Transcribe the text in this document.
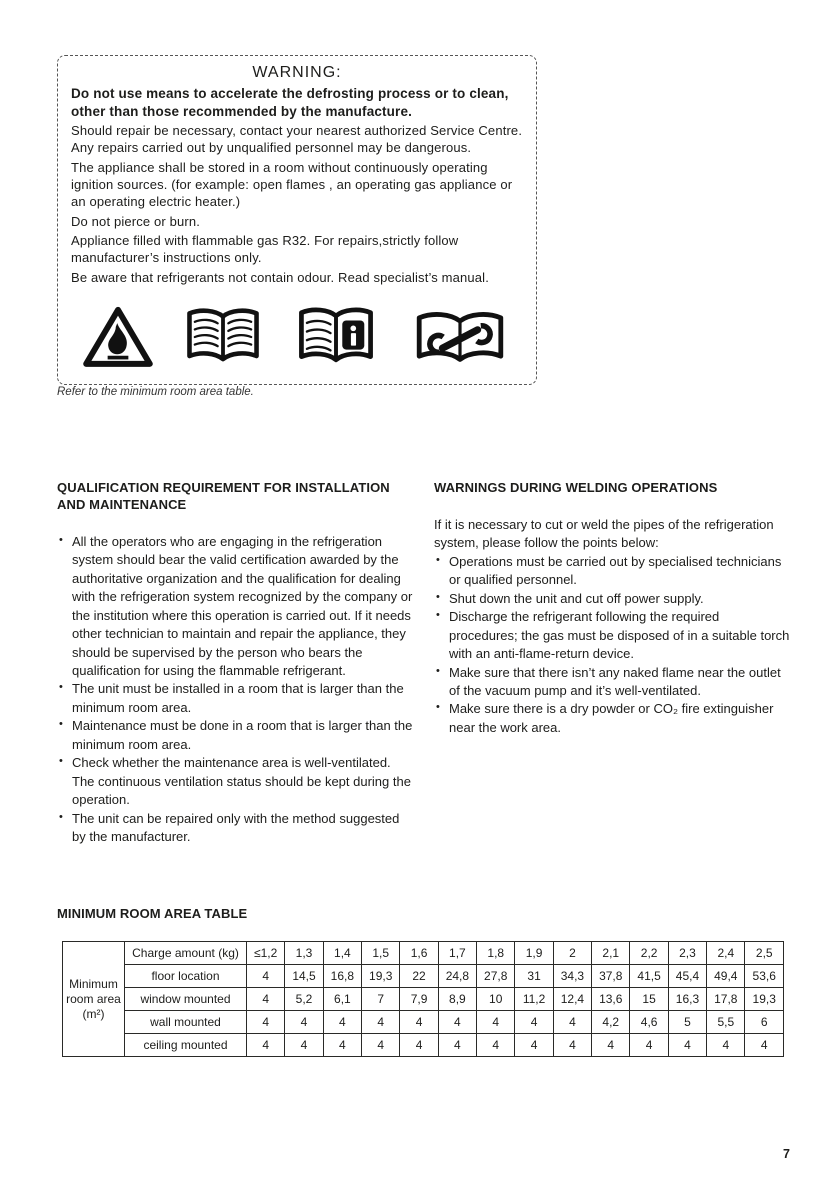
WARNING:

Do not use means to accelerate the defrosting process or to clean, other than those recommended by the manufacture.

Should repair be necessary, contact your nearest authorized Service Centre. Any repairs carried out by unqualified personnel may be dangerous.

The appliance shall be stored in a room without continuously operating ignition sources. (for example: open flames , an operating gas appliance or an operating electric heater.)

Do not pierce or burn.

Appliance filled with flammable gas R32. For repairs,strictly follow manufacturer’s instructions only.

Be aware that refrigerants not contain odour. Read specialist’s manual.

Refer to the minimum room area table.
QUALIFICATION REQUIREMENT FOR INSTALLATION AND MAINTENANCE
• All the operators who are engaging in the refrigeration system should bear the valid certification awarded by the authoritative organization and the qualification for dealing with the refrigeration system recognized by the company or the institution where this operation is carried out. If it needs other technician to maintain and repair the appliance, they should be supervised by the person who bears the qualification for using the flammable refrigerant.
• The unit must be installed in a room that is larger than the minimum room area.
• Maintenance must be done in a room that is larger than the minimum room area.
• Check whether the maintenance area is well-ventilated. The continuous ventilation status should be kept during the operation.
• The unit can be repaired only with the method suggested by the manufacturer.
WARNINGS DURING WELDING OPERATIONS

If it is necessary to cut or weld the pipes of the refrigeration system, please follow the points below:

• Operations must be carried out by specialised technicians or qualified personnel.
• Shut down the unit and cut off power supply.
• Discharge the refrigerant following the required procedures; the gas must be disposed of in a suitable torch with an anti-flame-return device.
• Make sure that there isn’t any naked flame near the outlet of the vacuum pump and it’s well-ventilated.
• Make sure there is a dry powder or CO₂ fire extinguisher near the work area.
MINIMUM ROOM AREA TABLE
Minimum room area (m²)	Charge amount (kg)	≤1,2	1,3	1,4	1,5	1,6	1,7	1,8	1,9	2	2,1	2,2	2,3	2,4	2,5
	floor location	4	14,5	16,8	19,3	22	24,8	27,8	31	34,3	37,8	41,5	45,4	49,4	53,6
	window mounted	4	5,2	6,1	7	7,9	8,9	10	11,2	12,4	13,6	15	16,3	17,8	19,3
	wall mounted	4	4	4	4	4	4	4	4	4	4,2	4,6	5	5,5	6
	ceiling mounted	4	4	4	4	4	4	4	4	4	4	4	4	4	4
7
